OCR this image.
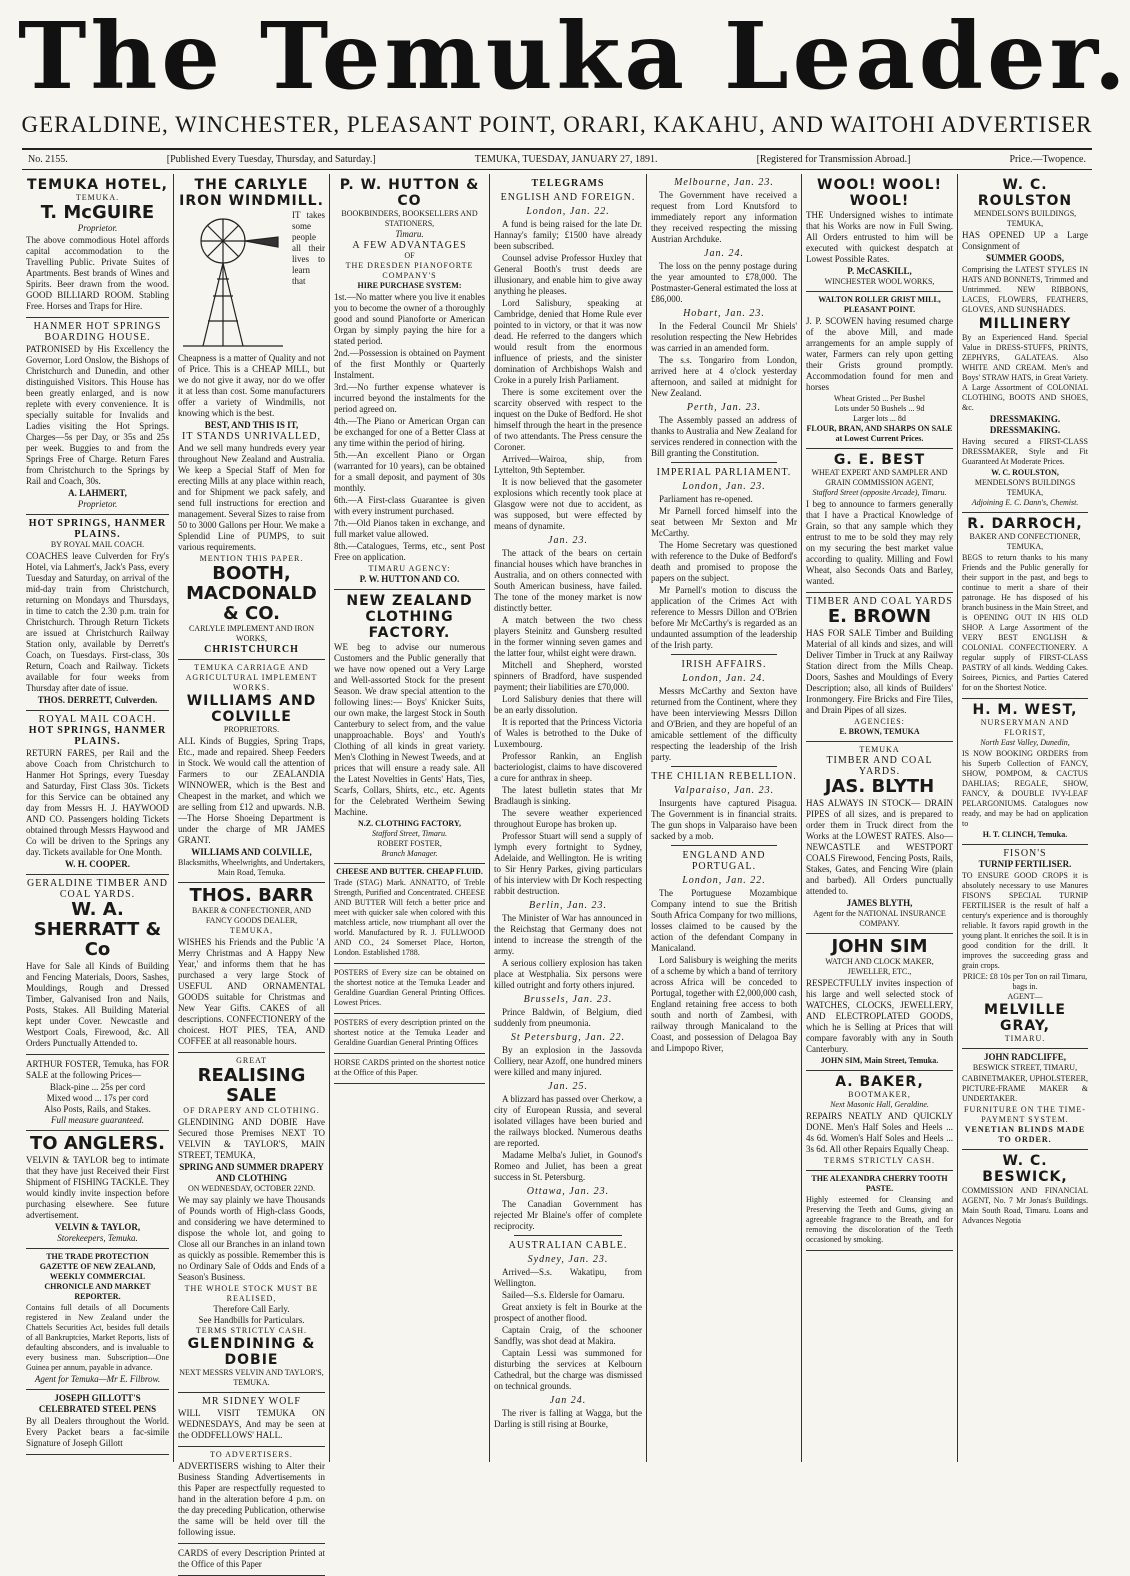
The Temuka Leader.
GERALDINE, WINCHESTER, PLEASANT POINT, ORARI, KAKAHU, AND WAITOHI ADVERTISER
No. 2155.	[Published Every Tuesday, Thursday, and Saturday.]	TEMUKA, TUESDAY, JANUARY 27, 1891.	[Registered for Transmission Abroad.]	Price.—Twopence.
TEMUKA HOTEL,
TEMUKA.
T. McGUIRE
Proprietor.

The above commodious Hotel affords capital accommodation to the Travelling Public. Private Suites of Apartments. Best brands of Wines and Spirits. Beer drawn from the wood. GOOD BILLIARD ROOM. Stabling Free. Horses and Traps for Hire.

HANMER HOT SPRINGS BOARDING HOUSE.

PATRONISED by His Excellency the Governor, Lord Onslow, the Bishops of Christchurch and Dunedin, and other distinguished Visitors. This House has been greatly enlarged, and is now replete with every convenience. It is specially suitable for Invalids and Ladies visiting the Hot Springs. Charges—5s per Day, or 35s and 25s per week. Buggies to and from the Springs Free of Charge. Return Fares from Christchurch to the Springs by Rail and Coach, 30s.

A. LAHMERT,
Proprietor.
HOT SPRINGS, HANMER PLAINS.
BY ROYAL MAIL COACH.

COACHES leave Culverden for Fry's Hotel, via Lahmert's, Jack's Pass, every Tuesday and Saturday, on arrival of the mid-day train from Christchurch, returning on Mondays and Thursdays, in time to catch the 2.30 p.m. train for Christchurch. Through Return Tickets are issued at Christchurch Railway Station only, available by Derrett's Coach, on Tuesdays. First-class, 30s Return, Coach and Railway. Tickets available for four weeks from Thursday after date of issue.

THOS. DERRETT, Culverden.
ROYAL MAIL COACH.
HOT SPRINGS, HANMER PLAINS.

RETURN FARES, per Rail and the above Coach from Christchurch to Hanmer Hot Springs, every Tuesday and Saturday, First Class 30s. Tickets for this Service can be obtained any day from Messrs H. J. HAYWOOD AND CO. Passengers holding Tickets obtained through Messrs Haywood and Co will be driven to the Springs any day. Tickets available for One Month.

W. H. COOPER.
GERALDINE TIMBER AND COAL YARDS.
W. A. SHERRATT & Co

Have for Sale all Kinds of Building and Fencing Materials, Doors, Sashes, Mouldings, Rough and Dressed Timber, Galvanised Iron and Nails, Posts, Stakes. All Building Material kept under Cover. Newcastle and Westport Coals, Firewood, &c. All Orders Punctually Attended to.

ARTHUR FOSTER, Temuka, has FOR SALE at the following Prices—

Black-pine ... 25s per cord
Mixed wood ... 17s per cord
Also Posts, Rails, and Stakes.
Full measure guaranteed.
TO ANGLERS.

VELVIN & TAYLOR beg to intimate that they have just Received their First Shipment of FISHING TACKLE. They would kindly invite inspection before purchasing elsewhere. See future advertisement.

VELVIN & TAYLOR,
Storekeepers, Temuka.
THE TRADE PROTECTION GAZETTE OF NEW ZEALAND, WEEKLY COMMERCIAL CHRONICLE AND MARKET REPORTER.

Contains full details of all Documents registered in New Zealand under the Chattels Securities Act, besides full details of all Bankruptcies, Market Reports, lists of defaulting absconders, and is invaluable to every business man. Subscription—One Guinea per annum, payable in advance.

Agent for Temuka—Mr E. Filbrow.
JOSEPH GILLOTT'S CELEBRATED STEEL PENS

By all Dealers throughout the World. Every Packet bears a fac-simile Signature of Joseph Gillott

THE CARLYLE IRON WINDMILL.

IT takes some people all their lives to learn that Cheapness is a matter of Quality and not of Price. This is a CHEAP MILL, but we do not give it away, nor do we offer it at less than cost. Some manufacturers offer a variety of Windmills, not knowing which is the best.

BEST, AND THIS IS IT,
IT STANDS UNRIVALLED,

And we sell many hundreds every year throughout New Zealand and Australia. We keep a Special Staff of Men for erecting Mills at any place within reach, and for Shipment we pack safely, and send full instructions for erection and management. Several Sizes to raise from 50 to 3000 Gallons per Hour. We make a Splendid Line of PUMPS, to suit various requirements.

MENTION THIS PAPER.
BOOTH, MACDONALD & CO.
CARLYLE IMPLEMENT AND IRON WORKS,
CHRISTCHURCH
TEMUKA CARRIAGE AND AGRICULTURAL IMPLEMENT WORKS.
WILLIAMS AND COLVILLE
PROPRIETORS.

ALL Kinds of Buggies, Spring Traps, Etc., made and repaired. Sheep Feeders in Stock. We would call the attention of Farmers to our ZEALANDIA WINNOWER, which is the Best and Cheapest in the market, and which we are selling from £12 and upwards. N.B.—The Horse Shoeing Department is under the charge of MR JAMES GRANT.

WILLIAMS AND COLVILLE,
Blacksmiths, Wheelwrights, and Undertakers, Main Road, Temuka.
THOS. BARR
BAKER & CONFECTIONER, AND FANCY GOODS DEALER,
TEMUKA,

WISHES his Friends and the Public 'A Merry Christmas and A Happy New Year,' and informs them that he has purchased a very large Stock of USEFUL AND ORNAMENTAL GOODS suitable for Christmas and New Year Gifts. CAKES of all descriptions. CONFECTIONERY of the choicest. HOT PIES, TEA, AND COFFEE at all reasonable hours.

GREAT
REALISING SALE
OF DRAPERY AND CLOTHING.

GLENDINING AND DOBIE Have Secured those Premises NEXT TO VELVIN & TAYLOR'S, MAIN STREET, TEMUKA,

SPRING AND SUMMER DRAPERY AND CLOTHING
ON WEDNESDAY, OCTOBER 22ND.

We may say plainly we have Thousands of Pounds worth of High-class Goods, and considering we have determined to dispose the whole lot, and going to Close all our Branches in an inland town as quickly as possible. Remember this is no Ordinary Sale of Odds and Ends of a Season's Business.

THE WHOLE STOCK MUST BE REALISED,
Therefore Call Early.
See Handbills for Particulars.
TERMS STRICTLY CASH.
GLENDINING & DOBIE
NEXT MESSRS VELVIN AND TAYLOR'S, TEMUKA.
MR SIDNEY WOLF

WILL VISIT TEMUKA ON WEDNESDAYS, And may be seen at the ODDFELLOWS' HALL.

TO ADVERTISERS.

ADVERTISERS wishing to Alter their Business Standing Advertisements in this Paper are respectfully requested to hand in the alteration before 4 p.m. on the day preceding Publication, otherwise the same will be held over till the following issue.

CARDS of every Description Printed at the Office of this Paper

P. W. HUTTON & CO
BOOKBINDERS, BOOKSELLERS AND STATIONERS,
Timaru.
A FEW ADVANTAGES
OF
THE DRESDEN PIANOFORTE COMPANY'S
HIRE PURCHASE SYSTEM:

1st.—No matter where you live it enables you to become the owner of a thoroughly good and sound Pianoforte or American Organ by simply paying the hire for a stated period.

2nd.—Possession is obtained on Payment of the first Monthly or Quarterly Instalment.

3rd.—No further expense whatever is incurred beyond the instalments for the period agreed on.

4th.—The Piano or American Organ can be exchanged for one of a Better Class at any time within the period of hiring.

5th.—An excellent Piano or Organ (warranted for 10 years), can be obtained for a small deposit, and payment of 30s monthly.

6th.—A First-class Guarantee is given with every instrument purchased.

7th.—Old Pianos taken in exchange, and full market value allowed.

8th.—Catalogues, Terms, etc., sent Post Free on application.

TIMARU AGENCY:
P. W. HUTTON AND CO.
NEW ZEALAND CLOTHING FACTORY.

WE beg to advise our numerous Customers and the Public generally that we have now opened out a Very Large and Well-assorted Stock for the present Season. We draw special attention to the following lines:— Boys' Knicker Suits, our own make, the largest Stock in South Canterbury to select from, and the value unapproachable. Boys' and Youth's Clothing of all kinds in great variety. Men's Clothing in Newest Tweeds, and at prices that will ensure a ready sale. All the Latest Novelties in Gents' Hats, Ties, Scarfs, Collars, Shirts, etc., etc. Agents for the Celebrated Wertheim Sewing Machine.

N.Z. CLOTHING FACTORY,
Stafford Street, Timaru.
ROBERT FOSTER,
Branch Manager.
CHEESE AND BUTTER. CHEAP FLUID.

Trade (STAG) Mark. ANNATTO, of Treble Strength, Purified and Concentrated. CHEESE AND BUTTER Will fetch a better price and meet with quicker sale when colored with this matchless article, now triumphant all over the world. Manufactured by R. J. FULLWOOD AND CO., 24 Somerset Place, Horton, London. Established 1788.

POSTERS of Every size can be obtained on the shortest notice at the Temuka Leader and Geraldine Guardian General Printing Offices. Lowest Prices.

POSTERS of every description printed on the shortest notice at the Temuka Leader and Geraldine Guardian General Printing Offices

HORSE CARDS printed on the shortest notice at the Office of this Paper.

TELEGRAMS
ENGLISH AND FOREIGN.
London, Jan. 22.

A fund is being raised for the late Dr. Hannay's family; £1500 have already been subscribed.

Counsel advise Professor Huxley that General Booth's trust deeds are illusionary, and enable him to give away anything he pleases.

Lord Salisbury, speaking at Cambridge, denied that Home Rule ever pointed to in victory, or that it was now dead. He referred to the dangers which would result from the enormous influence of priests, and the sinister domination of Archbishops Walsh and Croke in a purely Irish Parliament.

There is some excitement over the scarcity observed with respect to the inquest on the Duke of Bedford. He shot himself through the heart in the presence of two attendants. The Press censure the Coroner.

Arrived—Wairoa, ship, from Lyttelton, 9th September.

It is now believed that the gasometer explosions which recently took place at Glasgow were not due to accident, as was supposed, but were effected by means of dynamite.

Jan. 23.

The attack of the bears on certain financial houses which have branches in Australia, and on others connected with South American business, have failed. The tone of the money market is now distinctly better.

A match between the two chess players Steinitz and Gunsberg resulted in the former winning seven games and the latter four, whilst eight were drawn.

Mitchell and Shepherd, worsted spinners of Bradford, have suspended payment; their liabilities are £70,000.

Lord Salisbury denies that there will be an early dissolution.

It is reported that the Princess Victoria of Wales is betrothed to the Duke of Luxembourg.

Professor Rankin, an English bacteriologist, claims to have discovered a cure for anthrax in sheep.

The latest bulletin states that Mr Bradlaugh is sinking.

The severe weather experienced throughout Europe has broken up.

Professor Stuart will send a supply of lymph every fortnight to Sydney, Adelaide, and Wellington. He is writing to Sir Henry Parkes, giving particulars of his interview with Dr Koch respecting rabbit destruction.

Berlin, Jan. 23.

The Minister of War has announced in the Reichstag that Germany does not intend to increase the strength of the army.

A serious colliery explosion has taken place at Westphalia. Six persons were killed outright and forty others injured.

Brussels, Jan. 23.

Prince Baldwin, of Belgium, died suddenly from pneumonia.

St Petersburg, Jan. 22.

By an explosion in the Jassovda Colliery, near Azoff, one hundred miners were killed and many injured.

Jan. 25.

A blizzard has passed over Cherkow, a city of European Russia, and several isolated villages have been buried and the railways blocked. Numerous deaths are reported.

Madame Melba's Juliet, in Gounod's Romeo and Juliet, has been a great success in St. Petersburg.

Ottawa, Jan. 23.

The Canadian Government has rejected Mr Blaine's offer of complete reciprocity.

AUSTRALIAN CABLE.
Sydney, Jan. 23.

Arrived—S.s. Wakatipu, from Wellington.

Sailed—S.s. Eldersle for Oamaru.

Great anxiety is felt in Bourke at the prospect of another flood.

Captain Craig, of the schooner Sandfly, was shot dead at Makira.

Captain Lessi was summoned for disturbing the services at Kelbourn Cathedral, but the charge was dismissed on technical grounds.

Jan 24.

The river is falling at Wagga, but the Darling is still rising at Bourke,

Melbourne, Jan. 23.

The Government have received a request from Lord Knutsford to immediately report any information they received respecting the missing Austrian Archduke.

Jan. 24.

The loss on the penny postage during the year amounted to £78,000. The Postmaster-General estimated the loss at £86,000.

Hobart, Jan. 23.

In the Federal Council Mr Shiels' resolution respecting the New Hebrides was carried in an amended form.

The s.s. Tongariro from London, arrived here at 4 o'clock yesterday afternoon, and sailed at midnight for New Zealand.

Perth, Jan. 23.

The Assembly passed an address of thanks to Australia and New Zealand for services rendered in connection with the Bill granting the Constitution.

IMPERIAL PARLIAMENT.
London, Jan. 23.

Parliament has re-opened.

Mr Parnell forced himself into the seat between Mr Sexton and Mr McCarthy.

The Home Secretary was questioned with reference to the Duke of Bedford's death and promised to propose the papers on the subject.

Mr Parnell's motion to discuss the application of the Crimes Act with reference to Messrs Dillon and O'Brien before Mr McCarthy's is regarded as an undaunted assumption of the leadership of the Irish party.

IRISH AFFAIRS.
London, Jan. 24.

Messrs McCarthy and Sexton have returned from the Continent, where they have been interviewing Messrs Dillon and O'Brien, and they are hopeful of an amicable settlement of the difficulty respecting the leadership of the Irish party.

THE CHILIAN REBELLION.
Valparaiso, Jan. 23.

Insurgents have captured Pisagua. The Government is in financial straits. The gun shops in Valparaiso have been sacked by a mob.

ENGLAND AND PORTUGAL.
London, Jan. 22.

The Portuguese Mozambique Company intend to sue the British South Africa Company for two millions, losses claimed to be caused by the action of the defendant Company in Manicaland.

Lord Salisbury is weighing the merits of a scheme by which a band of territory across Africa will be conceded to Portugal, together with £2,000,000 cash, England retaining free access to both south and north of Zambesi, with railway through Manicaland to the Coast, and possession of Delagoa Bay and Limpopo River,

WOOL! WOOL! WOOL!

THE Undersigned wishes to intimate that his Works are now in Full Swing. All Orders entrusted to him will be executed with quickest despatch at Lowest Possible Rates.

P. McCASKILL,
WINCHESTER WOOL WORKS,
WALTON ROLLER GRIST MILL, PLEASANT POINT.

J. P. SCOWEN having resumed charge of the above Mill, and made arrangements for an ample supply of water, Farmers can rely upon getting their Grists ground promptly. Accommodation found for men and horses

Wheat Gristed ... Per Bushel
Lots under 50 Bushels ... 9d
Larger lots ... 8d
FLOUR, BRAN, AND SHARPS ON SALE at Lowest Current Prices.
G. E. BEST
WHEAT EXPERT AND SAMPLER AND GRAIN COMMISSION AGENT,
Stafford Street (opposite Arcade), Timaru.

I beg to announce to farmers generally that I have a Practical Knowledge of Grain, so that any sample which they entrust to me to be sold they may rely on my securing the best market value according to quality. Milling and Fowl Wheat, also Seconds Oats and Barley, wanted.

TIMBER AND COAL YARDS
E. BROWN

HAS FOR SALE Timber and Building Material of all kinds and sizes, and will Deliver Timber in Truck at any Railway Station direct from the Mills Cheap. Doors, Sashes and Mouldings of Every Description; also, all kinds of Builders' Ironmongery. Fire Bricks and Fire Tiles, and Drain Pipes of all sizes.

AGENCIES:
E. BROWN, TEMUKA
TEMUKA
TIMBER AND COAL YARDS.
JAS. BLYTH

HAS ALWAYS IN STOCK— DRAIN PIPES of all sizes, and is prepared to order them in Truck direct from the Works at the LOWEST RATES. Also—NEWCASTLE and WESTPORT COALS Firewood, Fencing Posts, Rails, Stakes, Gates, and Fencing Wire (plain and barbed). All Orders punctually attended to.

JAMES BLYTH,
Agent for the NATIONAL INSURANCE COMPANY.
JOHN SIM
WATCH AND CLOCK MAKER, JEWELLER, ETC.,

RESPECTFULLY invites inspection of his large and well selected stock of WATCHES, CLOCKS, JEWELLERY, AND ELECTROPLATED GOODS, which he is Selling at Prices that will compare favorably with any in South Canterbury.

JOHN SIM, Main Street, Temuka.
A. BAKER,
BOOTMAKER,
Next Masonic Hall, Geraldine.

REPAIRS NEATLY AND QUICKLY DONE. Men's Half Soles and Heels ... 4s 6d. Women's Half Soles and Heels ... 3s 6d. All other Repairs Equally Cheap.

TERMS STRICTLY CASH.
THE ALEXANDRA CHERRY TOOTH PASTE.

Highly esteemed for Cleansing and Preserving the Teeth and Gums, giving an agreeable fragrance to the Breath, and for removing the discoloration of the Teeth occasioned by smoking.

W. C. ROULSTON
MENDELSON'S BUILDINGS, TEMUKA,

HAS OPENED UP a Large Consignment of

SUMMER GOODS,

Comprising the LATEST STYLES IN HATS AND BONNETS, Trimmed and Untrimmed. NEW RIBBONS, LACES, FLOWERS, FEATHERS, GLOVES, AND SUNSHADES.

MILLINERY

By an Experienced Hand. Special Value in DRESS-STUFFS, PRINTS, ZEPHYRS, GALATEAS. Also WHITE AND CREAM. Men's and Boys' STRAW HATS, in Great Variety. A Large Assortment of COLONIAL CLOTHING, BOOTS AND SHOES, &c.

DRESSMAKING. DRESSMAKING.

Having secured a FIRST-CLASS DRESSMAKER, Style and Fit Guaranteed At Moderate Prices.

W. C. ROULSTON,
MENDELSON'S BUILDINGS TEMUKA,
Adjoining E. C. Dann's, Chemist.
R. DARROCH,
BAKER AND CONFECTIONER, TEMUKA,

BEGS to return thanks to his many Friends and the Public generally for their support in the past, and begs to continue to merit a share of their patronage. He has disposed of his branch business in the Main Street, and is OPENING OUT IN HIS OLD SHOP. A Large Assortment of the VERY BEST ENGLISH & COLONIAL CONFECTIONERY. A regular supply of FIRST-CLASS PASTRY of all kinds. Wedding Cakes. Soirees, Picnics, and Parties Catered for on the Shortest Notice.

H. M. WEST,
NURSERYMAN AND FLORIST,
North East Valley, Dunedin,

IS NOW BOOKING ORDERS from his Superb Collection of FANCY, SHOW, POMPOM, & CACTUS DAHLIAS; REGALE, SHOW, FANCY, & DOUBLE IVY-LEAF PELARGONIUMS. Catalogues now ready, and may be had on application to

H. T. CLINCH, Temuka.
FISON'S
TURNIP FERTILISER.

TO ENSURE GOOD CROPS it is absolutely necessary to use Manures FISON'S SPECIAL TURNIP FERTILISER is the result of half a century's experience and is thoroughly reliable. It favors rapid growth in the young plant. It enriches the soil. It is in good condition for the drill. It improves the succeeding grass and grain crops.

PRICE: £8 10s per Ton on rail Timaru, bags in.
AGENT—
MELVILLE GRAY,
TIMARU.
JOHN RADCLIFFE,
BESWICK STREET, TIMARU,

CABINETMAKER, UPHOLSTERER, PICTURE-FRAME MAKER & UNDERTAKER.

FURNITURE ON THE TIME-PAYMENT SYSTEM.
VENETIAN BLINDS MADE TO ORDER.
W. C. BESWICK,

COMMISSION AND FINANCIAL AGENT, No. 7 Mr Jonas's Buildings. Main South Road, Timaru. Loans and Advances Negotia
